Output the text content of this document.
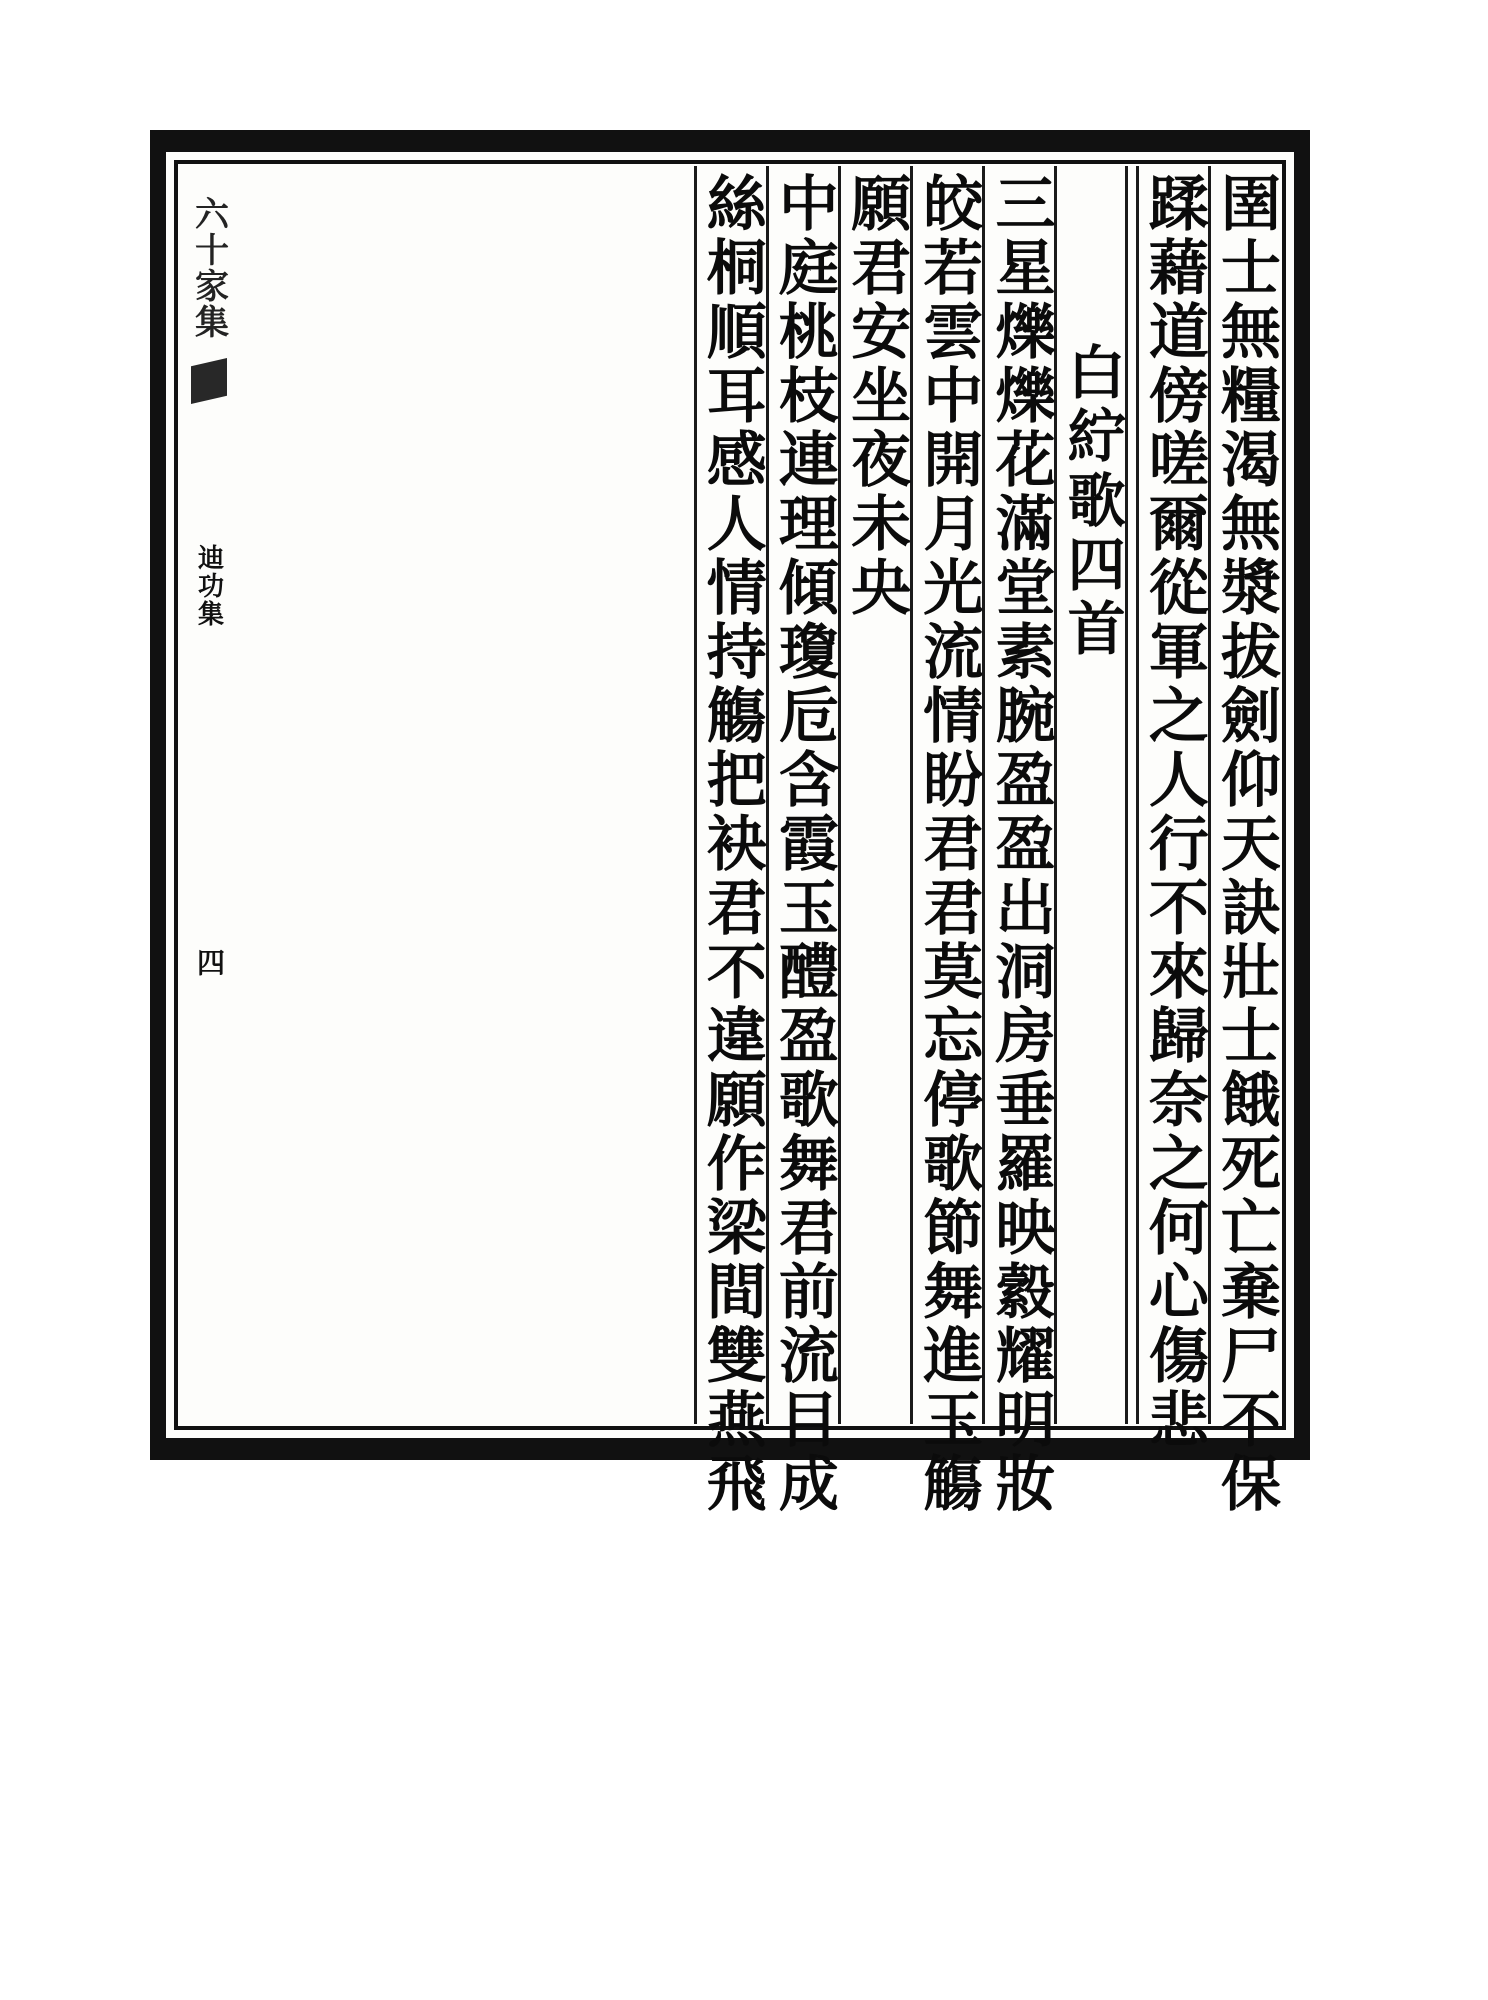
圉士無糧渴無漿拔劍仰天訣壯士餓死亡棄尸不保
蹂藉道傍嗟爾從軍之人行不來歸奈之何心傷悲
白紵歌四首
三星爍爍花滿堂素腕盈盈出洞房垂羅映縠耀明妝
皎若雲中開月光流情盼君君莫忘停歌節舞進玉觴
願君安坐夜未央
中庭桃枝連理傾瓊卮含霞玉醴盈歌舞君前流目成
絲桐順耳感人情持觴把袂君不違願作梁間雙燕飛
六十家集
迪功集
四
